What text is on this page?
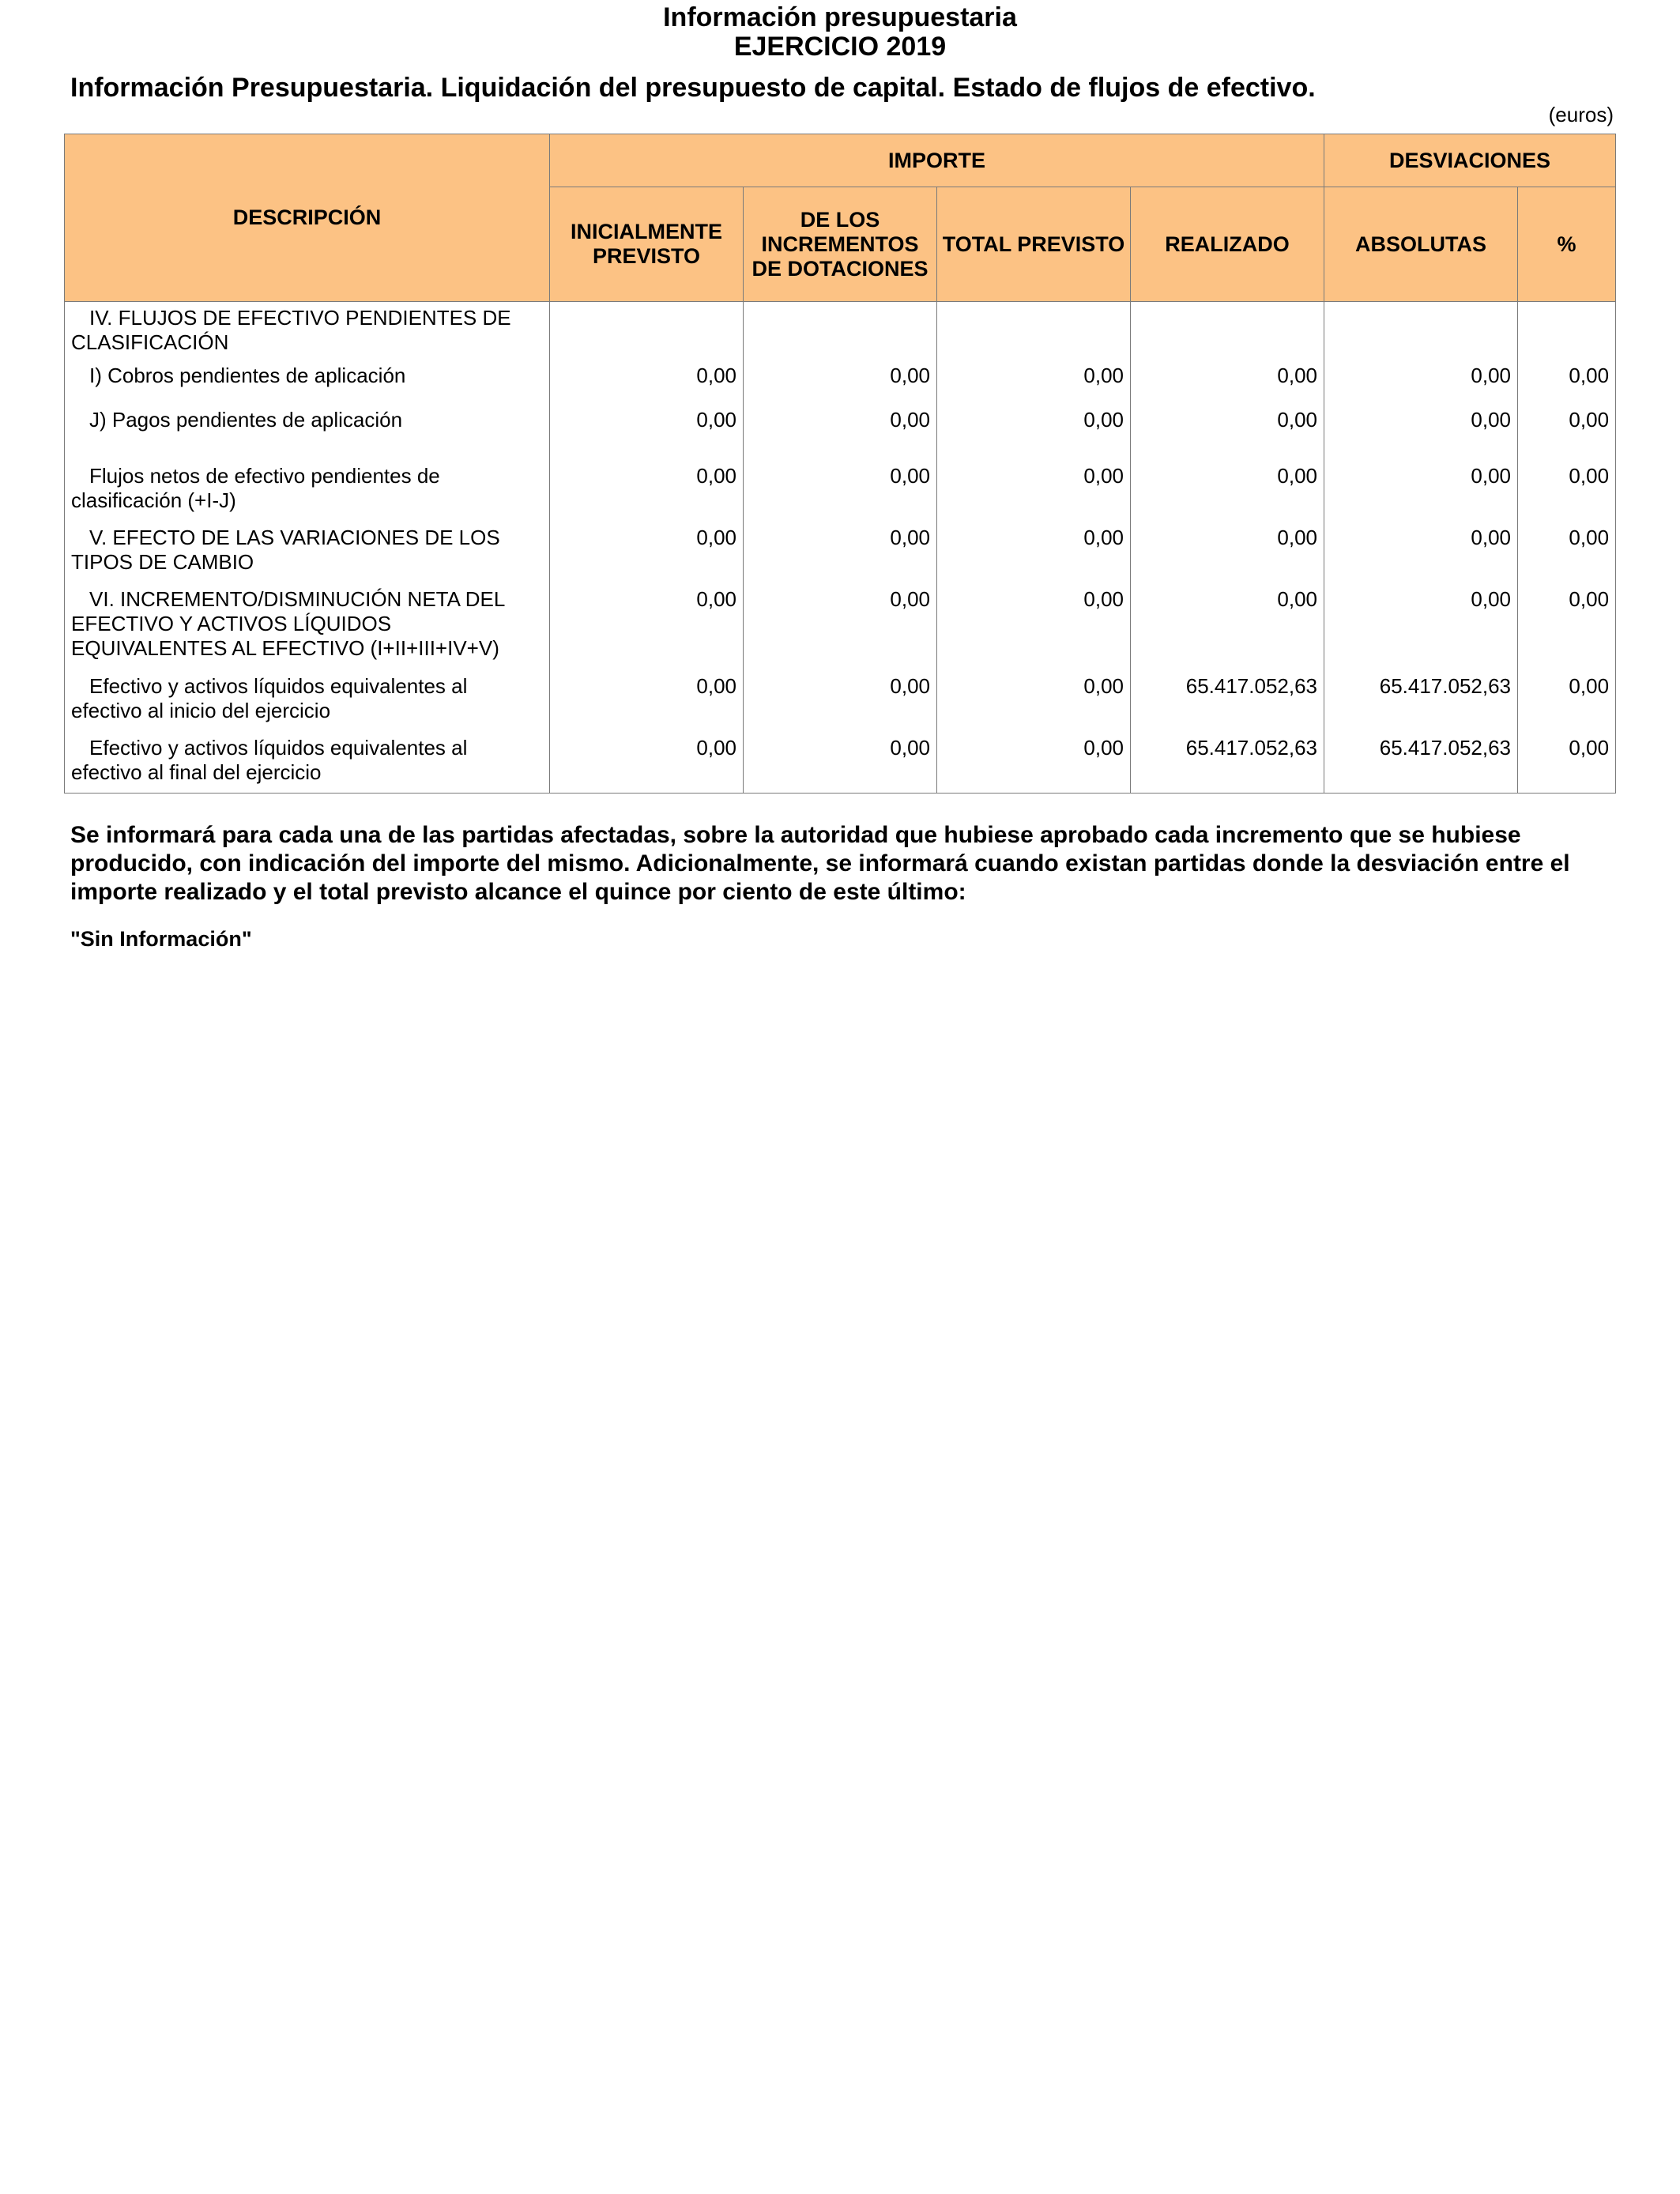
Información presupuestaria
EJERCICIO 2019
Información Presupuestaria. Liquidación del presupuesto de capital. Estado de flujos de efectivo.
(euros)
DESCRIPCIÓN	IMPORTE				DESVIACIONES	
	INICIALMENTE PREVISTO	DE LOS INCREMENTOS DE DOTACIONES	TOTAL PREVISTO	REALIZADO	ABSOLUTAS	%

IV. FLUJOS DE EFECTIVO PENDIENTES DE CLASIFICACIÓN						

I) Cobros pendientes de aplicación	0,00	0,00	0,00	0,00	0,00	0,00

J) Pagos pendientes de aplicación	0,00	0,00	0,00	0,00	0,00	0,00

Flujos netos de efectivo pendientes de clasificación (+I-J)	0,00	0,00	0,00	0,00	0,00	0,00

V. EFECTO DE LAS VARIACIONES DE LOS TIPOS DE CAMBIO	0,00	0,00	0,00	0,00	0,00	0,00

VI. INCREMENTO/DISMINUCIÓN NETA DEL EFECTIVO Y ACTIVOS LÍQUIDOS EQUIVALENTES AL EFECTIVO (I+II+III+IV+V)	0,00	0,00	0,00	0,00	0,00	0,00

Efectivo y activos líquidos equivalentes al efectivo al inicio del ejercicio	0,00	0,00	0,00	65.417.052,63	65.417.052,63	0,00

Efectivo y activos líquidos equivalentes al efectivo al final del ejercicio	0,00	0,00	0,00	65.417.052,63	65.417.052,63	0,00
Se informará para cada una de las partidas afectadas, sobre la autoridad que hubiese aprobado cada incremento que se hubiese producido, con indicación del importe del mismo. Adicionalmente, se informará cuando existan partidas donde la desviación entre el importe realizado y el total previsto alcance el quince por ciento de este último:
"Sin Información"
